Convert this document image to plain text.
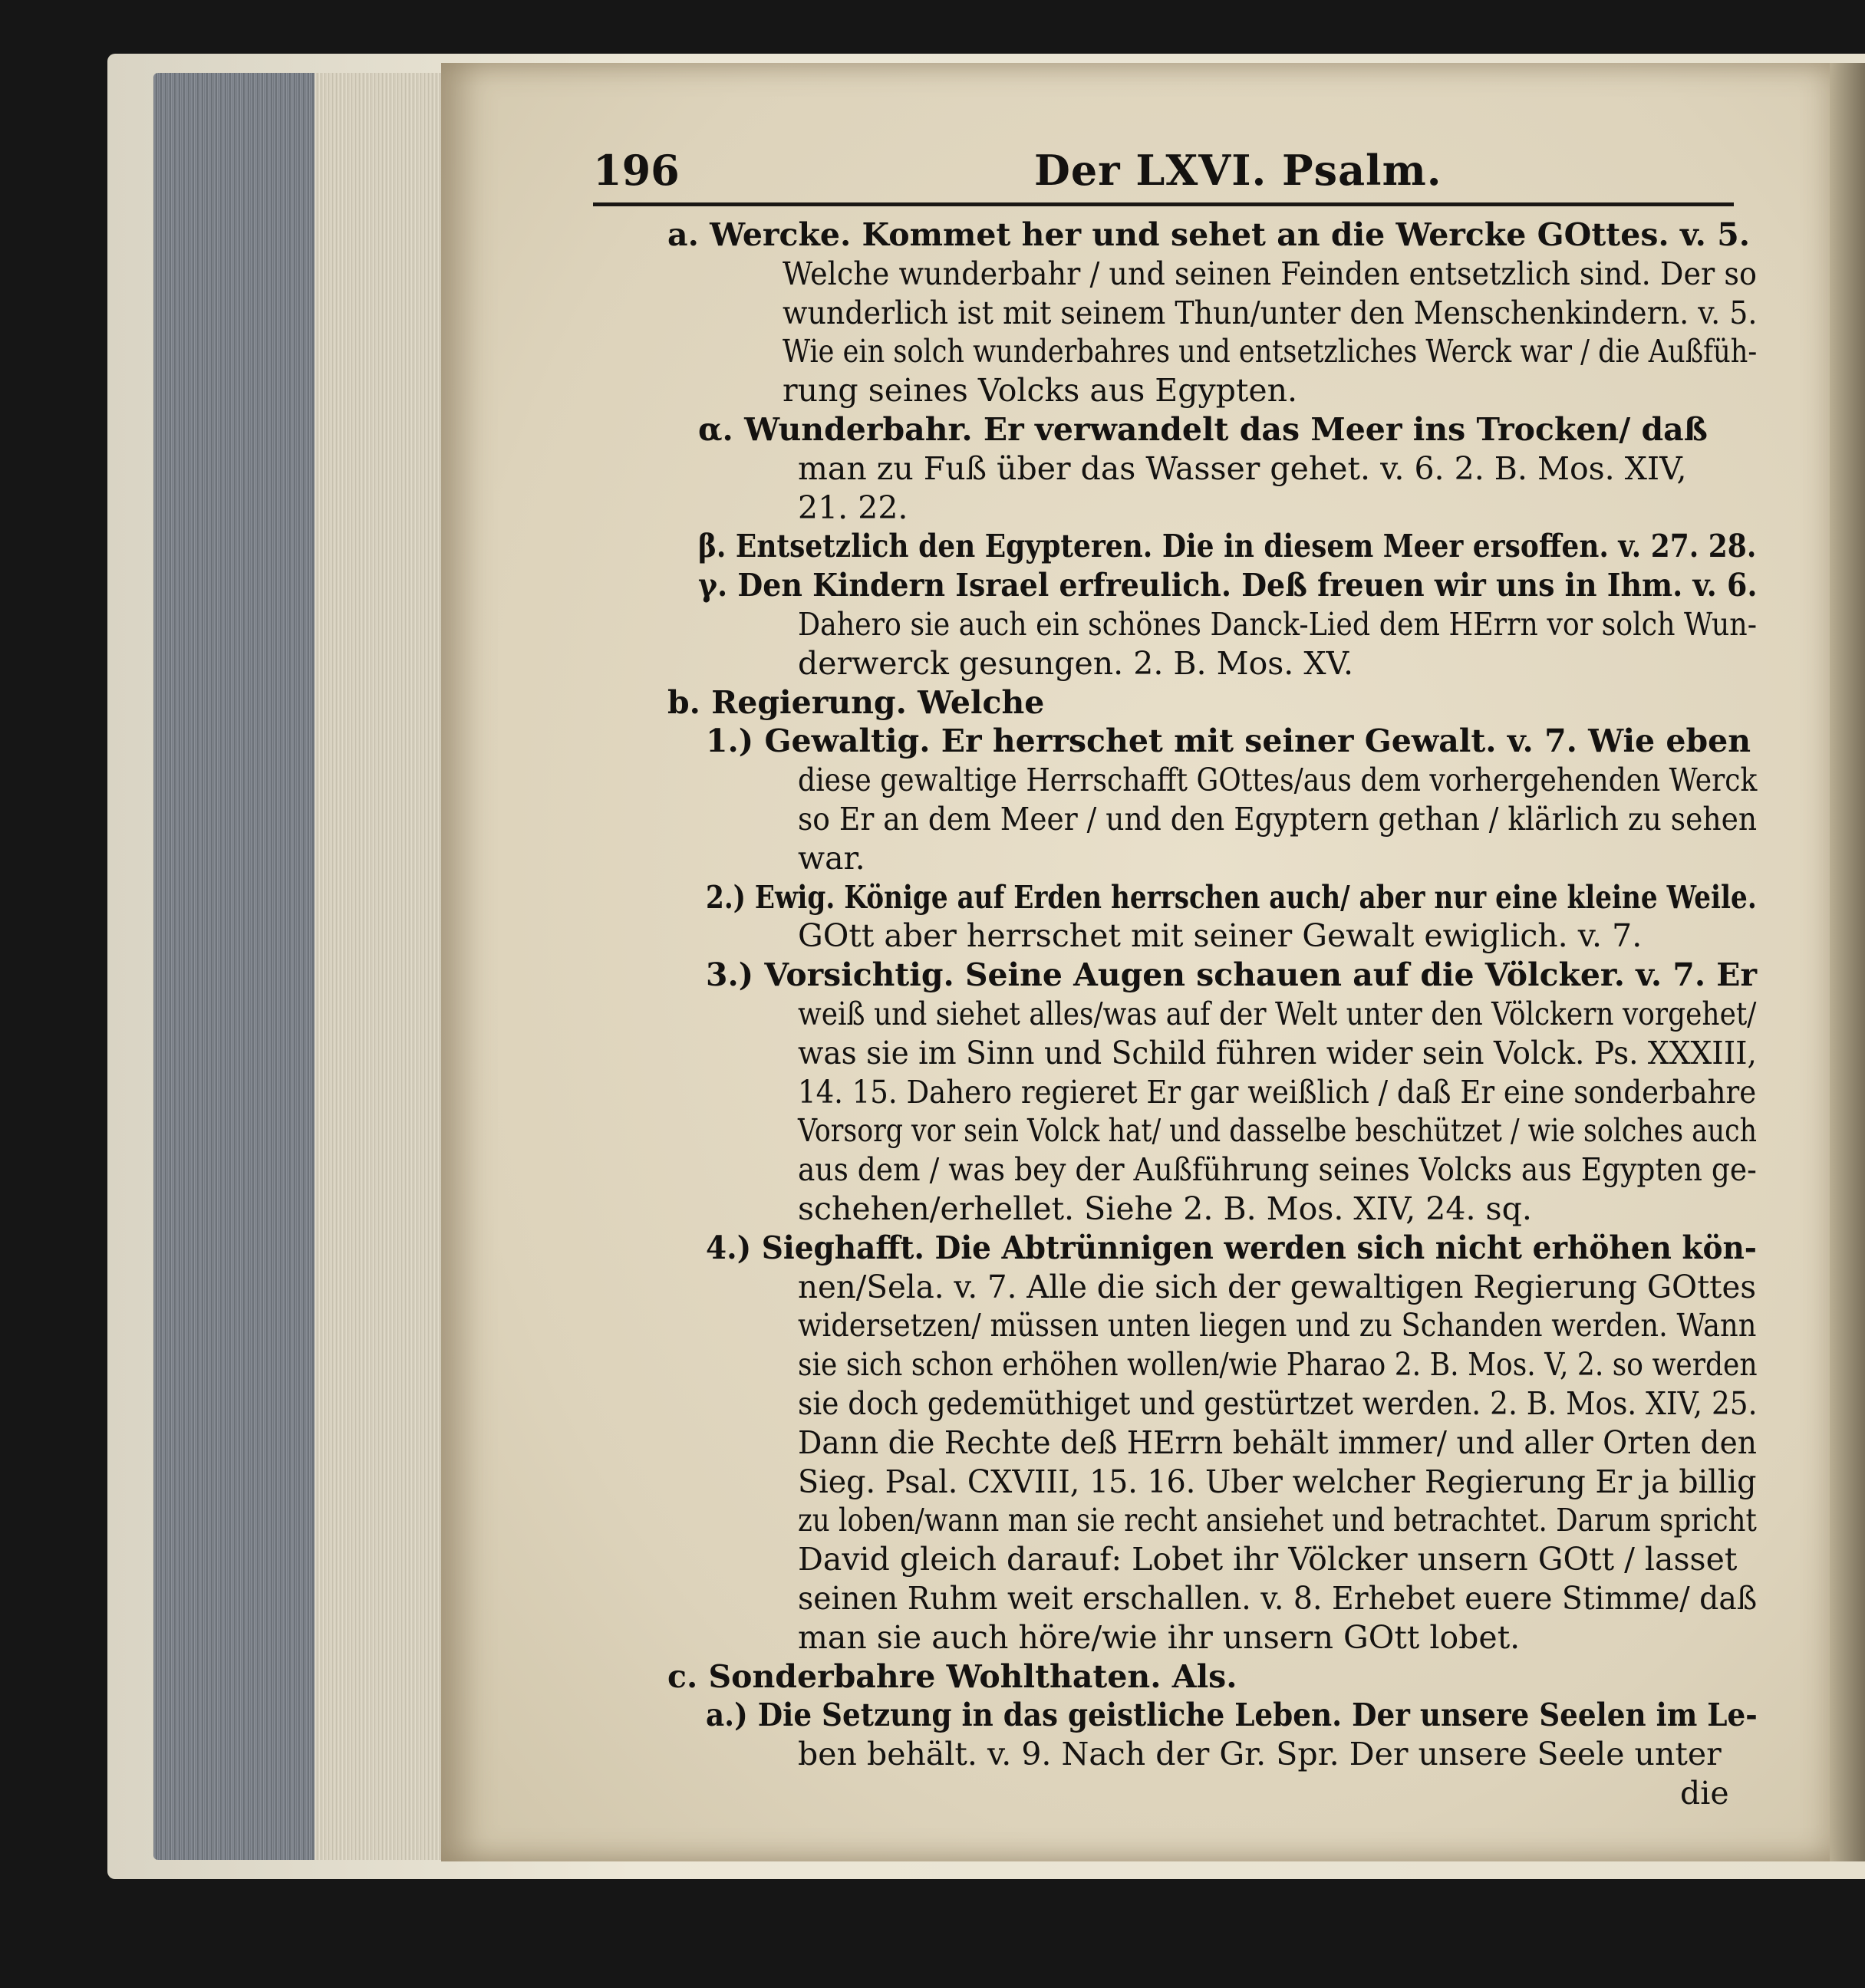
196	Der LXVI. Psalm.
a. Wercke. Kommet her und sehet an die Wercke GOttes. v. 5.
Welche wunderbahr / und seinen Feinden entsetzlich sind. Der so
wunderlich ist mit seinem Thun/unter den Menschenkindern. v. 5.
Wie ein solch wunderbahres und entsetzliches Werck war / die Außfüh-
rung seines Volcks aus Egypten.
α. Wunderbahr. Er verwandelt das Meer ins Trocken/ daß
man zu Fuß über das Wasser gehet. v. 6. 2. B. Mos. XIV,
21. 22.
β. Entsetzlich den Egypteren. Die in diesem Meer ersoffen. v. 27. 28.
γ. Den Kindern Israel erfreulich. Deß freuen wir uns in Ihm. v. 6.
Dahero sie auch ein schönes Danck-Lied dem HErrn vor solch Wun-
derwerck gesungen. 2. B. Mos. XV.
b. Regierung. Welche
1.) Gewaltig. Er herrschet mit seiner Gewalt. v. 7. Wie eben
diese gewaltige Herrschafft GOttes/aus dem vorhergehenden Werck
so Er an dem Meer / und den Egyptern gethan / klärlich zu sehen
war.
2.) Ewig. Könige auf Erden herrschen auch/ aber nur eine kleine Weile.
GOtt aber herrschet mit seiner Gewalt ewiglich. v. 7.
3.) Vorsichtig. Seine Augen schauen auf die Völcker. v. 7. Er
weiß und siehet alles/was auf der Welt unter den Völckern vorgehet/
was sie im Sinn und Schild führen wider sein Volck. Ps. XXXIII,
14. 15. Dahero regieret Er gar weißlich / daß Er eine sonderbahre
Vorsorg vor sein Volck hat/ und dasselbe beschützet / wie solches auch
aus dem / was bey der Außführung seines Volcks aus Egypten ge-
schehen/erhellet. Siehe 2. B. Mos. XIV, 24. sq.
4.) Sieghafft. Die Abtrünnigen werden sich nicht erhöhen kön-
nen/Sela. v. 7. Alle die sich der gewaltigen Regierung GOttes
widersetzen/ müssen unten liegen und zu Schanden werden. Wann
sie sich schon erhöhen wollen/wie Pharao 2. B. Mos. V, 2. so werden
sie doch gedemüthiget und gestürtzet werden. 2. B. Mos. XIV, 25.
Dann die Rechte deß HErrn behält immer/ und aller Orten den
Sieg. Psal. CXVIII, 15. 16. Uber welcher Regierung Er ja billig
zu loben/wann man sie recht ansiehet und betrachtet. Darum spricht
David gleich darauf: Lobet ihr Völcker unsern GOtt / lasset
seinen Ruhm weit erschallen. v. 8. Erhebet euere Stimme/ daß
man sie auch höre/wie ihr unsern GOtt lobet.
c. Sonderbahre Wohlthaten. Als.
a.) Die Setzung in das geistliche Leben. Der unsere Seelen im Le-
ben behält. v. 9. Nach der Gr. Spr. Der unsere Seele unter
die
